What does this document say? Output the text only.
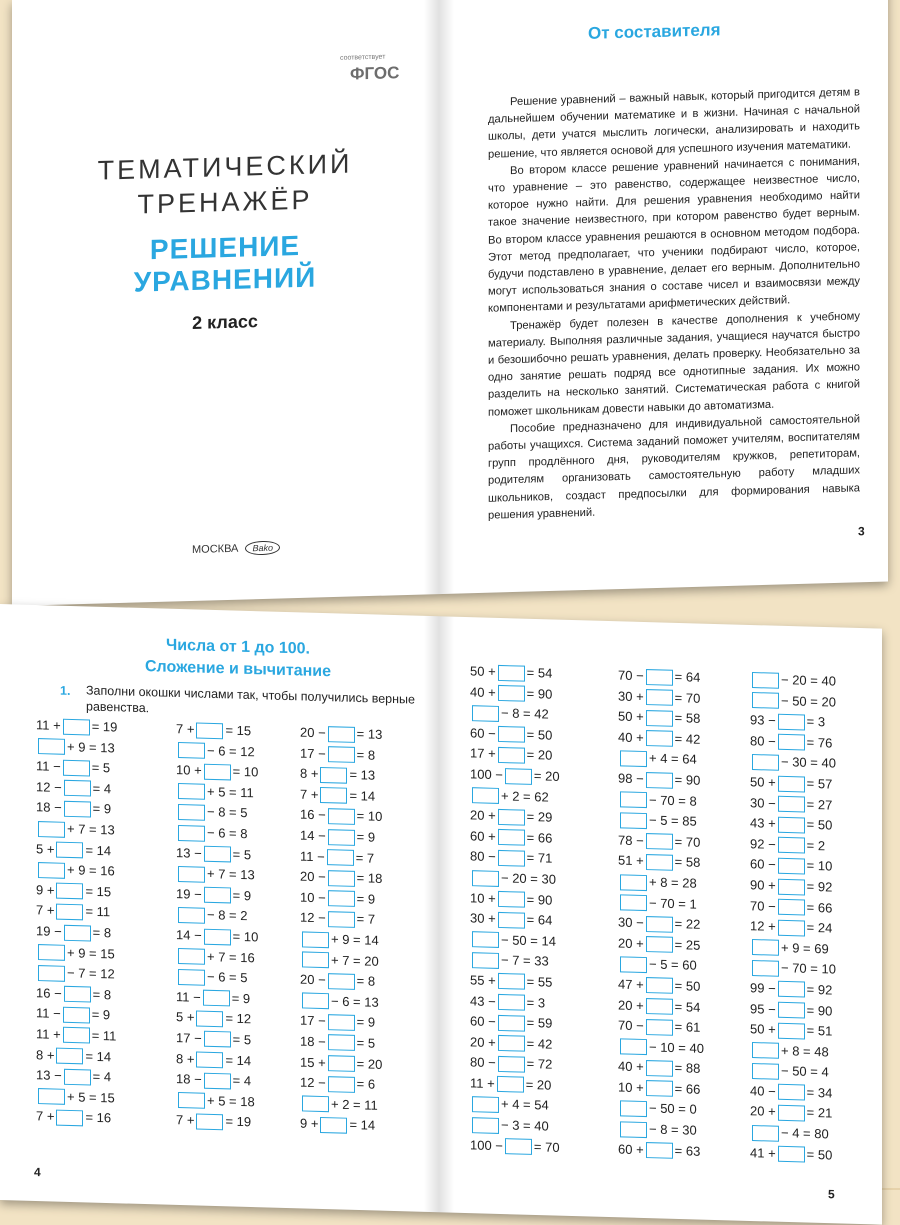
соответствует
ФГОС
ТЕМАТИЧЕСКИЙ
ТРЕНАЖЁР
РЕШЕНИЕ
УРАВНЕНИЙ
2 класс
МОСКВА Bako
От составителя

Решение уравнений – важный навык, который пригодится детям в дальнейшем обучении математике и в жизни. Начиная с начальной школы, дети учатся мыслить логически, анализировать и находить решение, что является основой для успешного изучения математики.

Во втором классе решение уравнений начинается с понимания, что уравнение – это равенство, содержащее неизвестное число, которое нужно найти. Для решения уравнения необходимо найти такое значение неизвестного, при котором равенство будет верным. Во втором классе уравнения решаются в основном методом подбора. Этот метод предполагает, что ученики подбирают число, которое, будучи подставлено в уравнение, делает его верным. Дополнительно могут использоваться знания о составе чисел и взаимосвязи между компонентами и результатами арифметических действий.

Тренажёр будет полезен в качестве дополнения к учебному материалу. Выполняя различные задания, учащиеся научатся быстро и безошибочно решать уравнения, делать проверку. Необязательно за одно занятие решать подряд все однотипные задания. Их можно разделить на несколько занятий. Систематическая работа с книгой поможет школьникам довести навыки до автоматизма.

Пособие предназначено для индивидуальной самостоятельной работы учащихся. Система заданий поможет учителям, воспитателям групп продлённого дня, руководителям кружков, репетиторам, родителям организовать самостоятельную работу младших школьников, создаст предпосылки для формирования навыка решения уравнений.

3
Числа от 1 до 100.
Сложение и вычитание
1. Заполни окошки числами так, чтобы получились верные равенства.
11 + = 19
+ 9 = 13
11 − = 5
12 − = 4
18 − = 9
+ 7 = 13
5 + = 14
+ 9 = 16
9 + = 15
7 + = 11
19 − = 8
+ 9 = 15
− 7 = 12
16 − = 8
11 − = 9
11 + = 11
8 + = 14
13 − = 4
+ 5 = 15
7 + = 16
7 + = 15
− 6 = 12
10 + = 10
+ 5 = 11
− 8 = 5
− 6 = 8
13 − = 5
+ 7 = 13
19 − = 9
− 8 = 2
14 − = 10
+ 7 = 16
− 6 = 5
11 − = 9
5 + = 12
17 − = 5
8 + = 14
18 − = 4
+ 5 = 18
7 + = 19
20 − = 13
17 − = 8
8 + = 13
7 + = 14
16 − = 10
14 − = 9
11 − = 7
20 − = 18
10 − = 9
12 − = 7
+ 9 = 14
+ 7 = 20
20 − = 8
− 6 = 13
17 − = 9
18 − = 5
15 + = 20
12 − = 6
+ 2 = 11
9 + = 14
4
50 + = 54
40 + = 90
− 8 = 42
60 − = 50
17 + = 20
100 − = 20
+ 2 = 62
20 + = 29
60 + = 66
80 − = 71
− 20 = 30
10 + = 90
30 + = 64
− 50 = 14
− 7 = 33
55 + = 55
43 − = 3
60 − = 59
20 + = 42
80 − = 72
11 + = 20
+ 4 = 54
− 3 = 40
100 − = 70
70 − = 64
30 + = 70
50 + = 58
40 + = 42
+ 4 = 64
98 − = 90
− 70 = 8
− 5 = 85
78 − = 70
51 + = 58
+ 8 = 28
− 70 = 1
30 − = 22
20 + = 25
− 5 = 60
47 + = 50
20 + = 54
70 − = 61
− 10 = 40
40 + = 88
10 + = 66
− 50 = 0
− 8 = 30
60 + = 63
− 20 = 40
− 50 = 20
93 − = 3
80 − = 76
− 30 = 40
50 + = 57
30 − = 27
43 + = 50
92 − = 2
60 − = 10
90 + = 92
70 − = 66
12 + = 24
+ 9 = 69
− 70 = 10
99 − = 92
95 − = 90
50 + = 51
+ 8 = 48
− 50 = 4
40 − = 34
20 + = 21
− 4 = 80
41 + = 50
5
